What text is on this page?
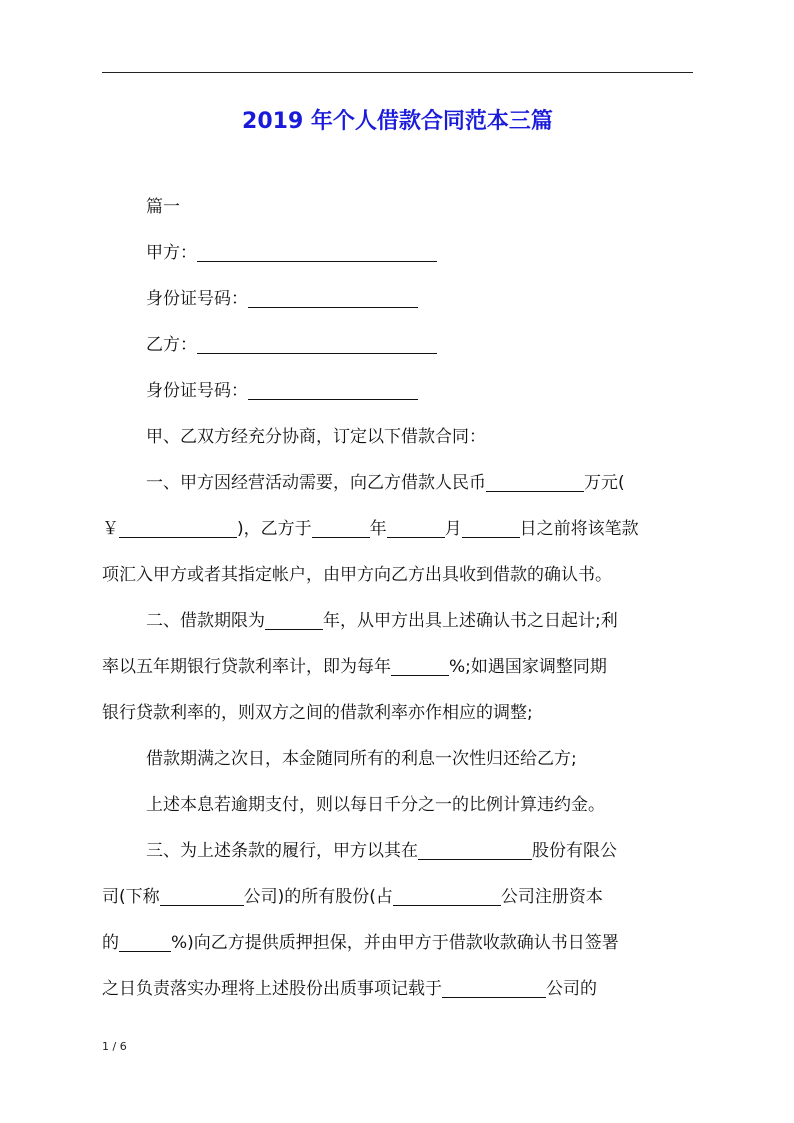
2019 年个人借款合同范本三篇

篇一

甲方：

身份证号码：

乙方：

身份证号码：

甲、乙双方经充分协商，订定以下借款合同：

一、甲方因经营活动需要，向乙方借款人民币	万元(

￥	)，乙方于	年	月	日之前将该笔款

项汇入甲方或者其指定帐户，由甲方向乙方出具收到借款的确认书。

二、借款期限为	年，从甲方出具上述确认书之日起计;利

率以五年期银行贷款利率计，即为每年	%;如遇国家调整同期

银行贷款利率的，则双方之间的借款利率亦作相应的调整;

借款期满之次日，本金随同所有的利息一次性归还给乙方;

上述本息若逾期支付，则以每日千分之一的比例计算违约金。

三、为上述条款的履行，甲方以其在	股份有限公

司(下称	公司)的所有股份(占	公司注册资本

的	%)向乙方提供质押担保，并由甲方于借款收款确认书日签署

之日负责落实办理将上述股份出质事项记载于	公司的

1 / 6
